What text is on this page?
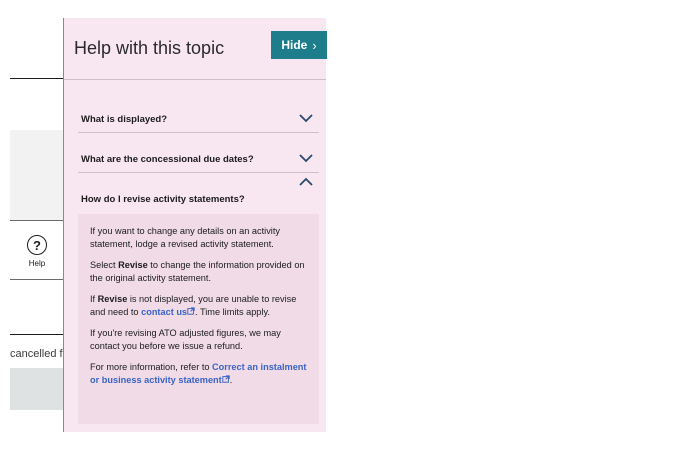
cancelled f
?
Help
Help with this topic	Hide ›
What is displayed?
What are the concessional due dates?
How do I revise activity statements?

If you want to change any details on an activity statement, lodge a revised activity statement.

Select Revise to change the information provided on the original activity statement.

If Revise is not displayed, you are unable to revise and need to contact us . Time limits apply.

If you're revising ATO adjusted figures, we may contact you before we issue a refund.

For more information, refer to Correct an instalment or business activity statement .
